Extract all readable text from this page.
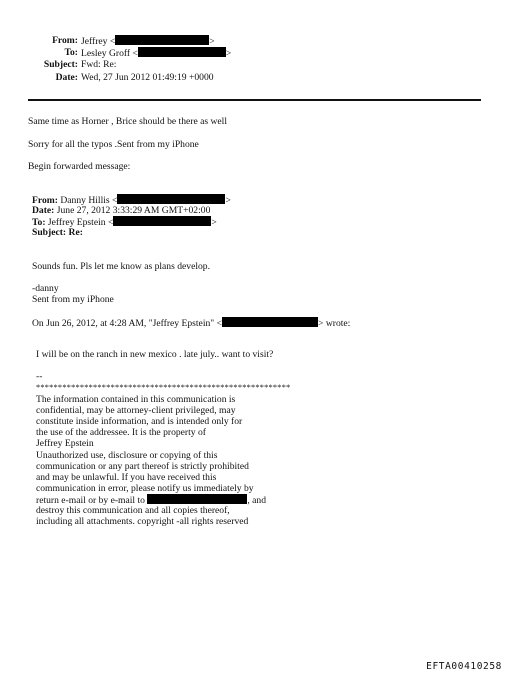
From: Jeffrey <	>
To: Lesley Groff <	>
Subject: Fwd: Re:
Date: Wed, 27 Jun 2012 01:49:19 +0000
Same time as Horner , Brice should be there as well
Sorry for all the typos .Sent from my iPhone
Begin forwarded message:
From: Danny Hillis <	>
Date: June 27, 2012 3:33:29 AM GMT+02:00
To: Jeffrey Epstein <	>
Subject: Re:
Sounds fun. Pls let me know as plans develop.
-danny
Sent from my iPhone
On Jun 26, 2012, at 4:28 AM, "Jeffrey Epstein" <	> wrote:
I will be on the ranch in new mexico . late july.. want to visit?
--
**********************************************************
The information contained in this communication is
confidential, may be attorney-client privileged, may
constitute inside information, and is intended only for
the use of the addressee. It is the property of
Jeffrey Epstein
Unauthorized use, disclosure or copying of this
communication or any part thereof is strictly prohibited
and may be unlawful. If you have received this
communication in error, please notify us immediately by
return e-mail or by e-mail to	, and
destroy this communication and all copies thereof,
including all attachments. copyright -all rights reserved
EFTA00410258
